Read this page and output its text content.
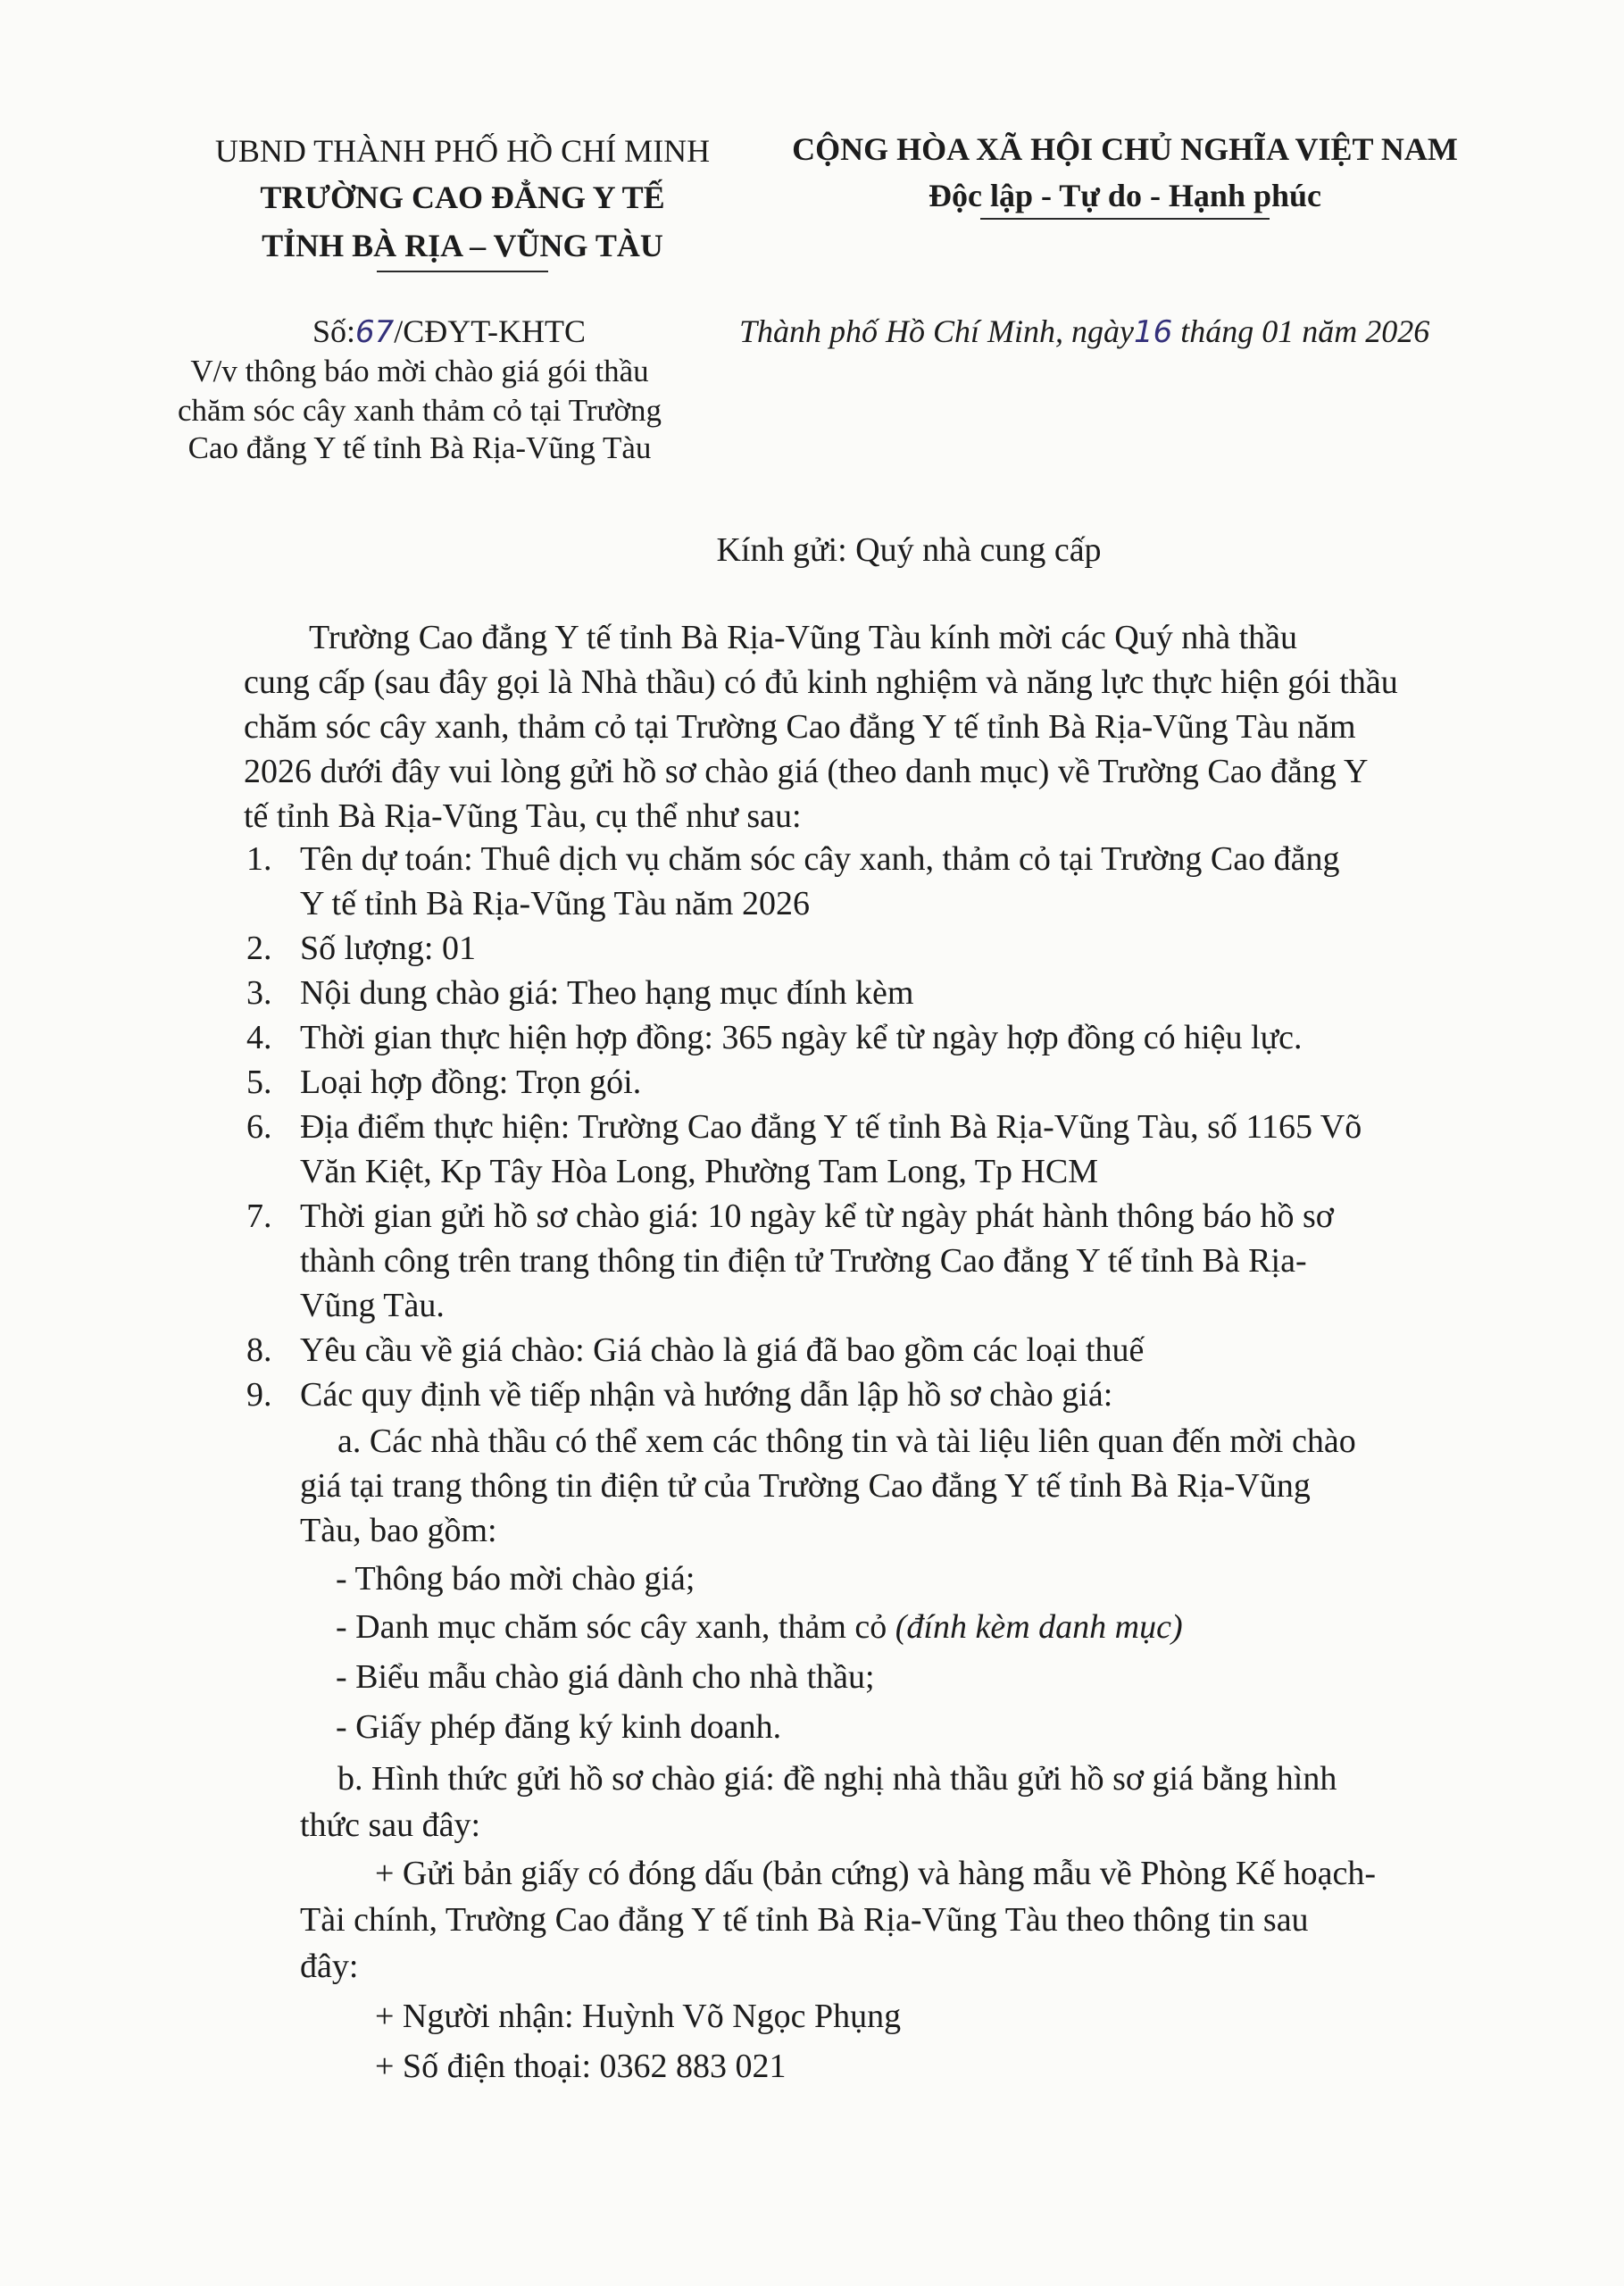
UBND THÀNH PHỐ HỒ CHÍ MINH
TRƯỜNG CAO ĐẲNG Y TẾ
TỈNH BÀ RỊA – VŨNG TÀU
CỘNG HÒA XÃ HỘI CHỦ NGHĨA VIỆT NAM
Độc lập - Tự do - Hạnh phúc
Số:67/CĐYT-KHTC
V/v thông báo mời chào giá gói thầu
chăm sóc cây xanh thảm cỏ tại Trường
Cao đẳng Y tế tỉnh Bà Rịa-Vũng Tàu
Thành phố Hồ Chí Minh, ngày16 tháng 01 năm 2026
Kính gửi: Quý nhà cung cấp
Trường Cao đẳng Y tế tỉnh Bà Rịa-Vũng Tàu kính mời các Quý nhà thầu
cung cấp (sau đây gọi là Nhà thầu) có đủ kinh nghiệm và năng lực thực hiện gói thầu
chăm sóc cây xanh, thảm cỏ tại Trường Cao đẳng Y tế tỉnh Bà Rịa-Vũng Tàu năm
2026 dưới đây vui lòng gửi hồ sơ chào giá (theo danh mục) về Trường Cao đẳng Y
tế tỉnh Bà Rịa-Vũng Tàu, cụ thể như sau:
1. Tên dự toán: Thuê dịch vụ chăm sóc cây xanh, thảm cỏ tại Trường Cao đẳng
Y tế tỉnh Bà Rịa-Vũng Tàu năm 2026
2. Số lượng: 01
3. Nội dung chào giá: Theo hạng mục đính kèm
4. Thời gian thực hiện hợp đồng: 365 ngày kể từ ngày hợp đồng có hiệu lực.
5. Loại hợp đồng: Trọn gói.
6. Địa điểm thực hiện: Trường Cao đẳng Y tế tỉnh Bà Rịa-Vũng Tàu, số 1165 Võ
Văn Kiệt, Kp Tây Hòa Long, Phường Tam Long, Tp HCM
7. Thời gian gửi hồ sơ chào giá: 10 ngày kể từ ngày phát hành thông báo hồ sơ
thành công trên trang thông tin điện tử Trường Cao đẳng Y tế tỉnh Bà Rịa-
Vũng Tàu.
8. Yêu cầu về giá chào: Giá chào là giá đã bao gồm các loại thuế
9. Các quy định về tiếp nhận và hướng dẫn lập hồ sơ chào giá:
a. Các nhà thầu có thể xem các thông tin và tài liệu liên quan đến mời chào
giá tại trang thông tin điện tử của Trường Cao đẳng Y tế tỉnh Bà Rịa-Vũng
Tàu, bao gồm:
- Thông báo mời chào giá;
- Danh mục chăm sóc cây xanh, thảm cỏ (đính kèm danh mục)
- Biểu mẫu chào giá dành cho nhà thầu;
- Giấy phép đăng ký kinh doanh.
b. Hình thức gửi hồ sơ chào giá: đề nghị nhà thầu gửi hồ sơ giá bằng hình
thức sau đây:
+ Gửi bản giấy có đóng dấu (bản cứng) và hàng mẫu về Phòng Kế hoạch-
Tài chính, Trường Cao đẳng Y tế tỉnh Bà Rịa-Vũng Tàu theo thông tin sau
đây:
+ Người nhận: Huỳnh Võ Ngọc Phụng
+ Số điện thoại: 0362 883 021
